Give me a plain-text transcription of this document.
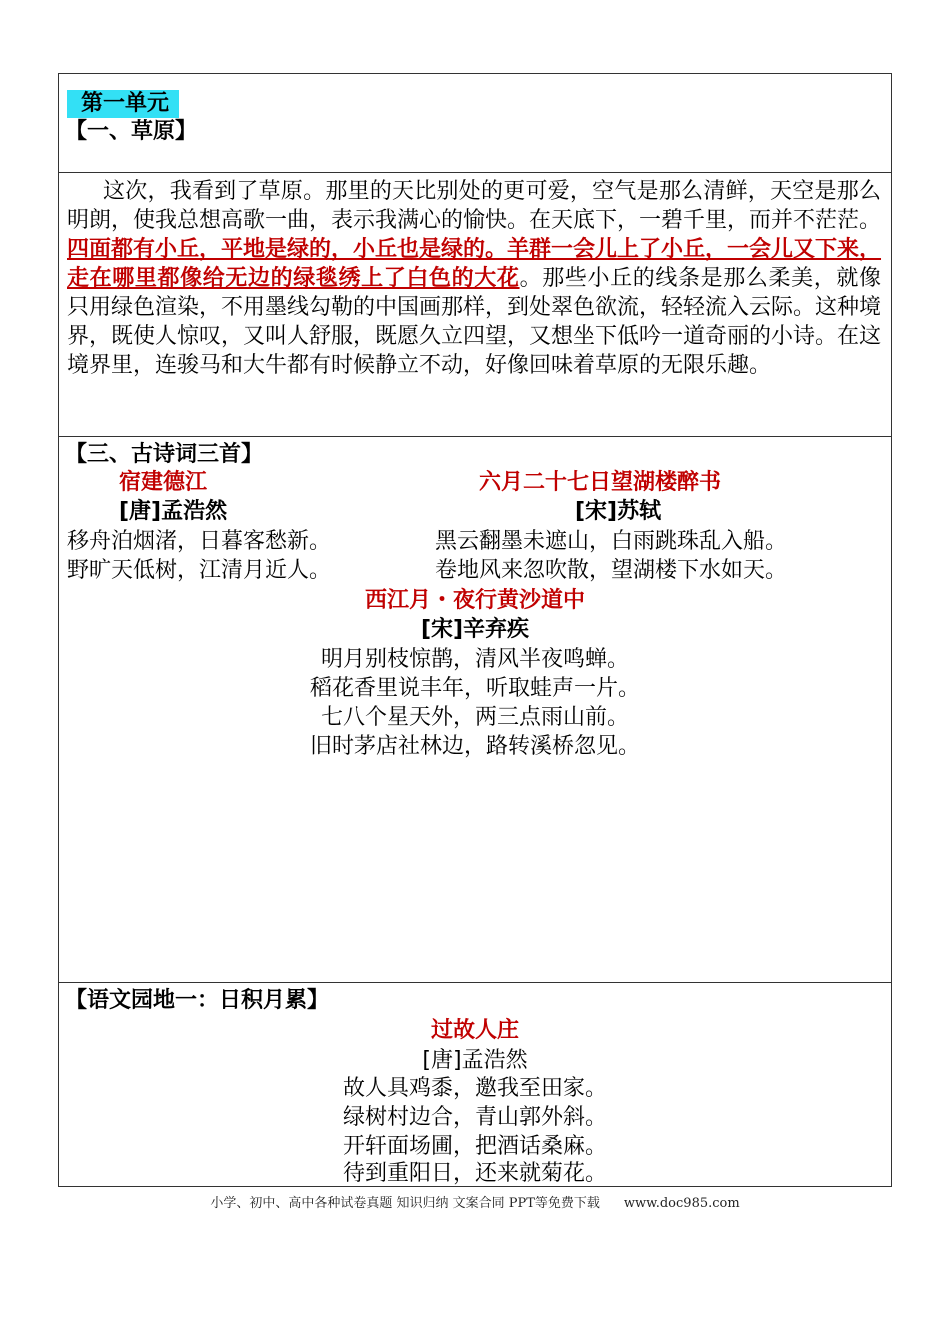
第一单元
【一、草原】

这次，我看到了草原。那里的天比别处的更可爱，空气是那么清鲜，天空是那么明朗，使我总想高歌一曲，表示我满心的愉快。在天底下，一碧千里，而并不茫茫。四面都有小丘，平地是绿的，小丘也是绿的。羊群一会儿上了小丘，一会儿又下来，走在哪里都像给无边的绿毯绣上了白色的大花。那些小丘的线条是那么柔美，就像只用绿色渲染，不用墨线勾勒的中国画那样，到处翠色欲流，轻轻流入云际。这种境界，既使人惊叹，又叫人舒服，既愿久立四望，又想坐下低吟一道奇丽的小诗。在这境界里，连骏马和大牛都有时候静立不动，好像回味着草原的无限乐趣。

【三、古诗词三首】
宿建德江
[唐]孟浩然
移舟泊烟渚，日暮客愁新。
野旷天低树，江清月近人。
六月二十七日望湖楼醉书
[宋]苏轼
黑云翻墨未遮山，白雨跳珠乱入船。
卷地风来忽吹散，望湖楼下水如天。
西江月・夜行黄沙道中
[宋]辛弃疾
明月别枝惊鹊，清风半夜鸣蝉。
稻花香里说丰年，听取蛙声一片。
七八个星天外，两三点雨山前。
旧时茅店社林边，路转溪桥忽见。
【语文园地一：日积月累】
过故人庄
[唐]孟浩然
故人具鸡黍，邀我至田家。
绿树村边合，青山郭外斜。
开轩面场圃，把酒话桑麻。
待到重阳日，还来就菊花。
小学、初中、高中各种试卷真题 知识归纳 文案合同 PPT等免费下载 www.doc985.com
